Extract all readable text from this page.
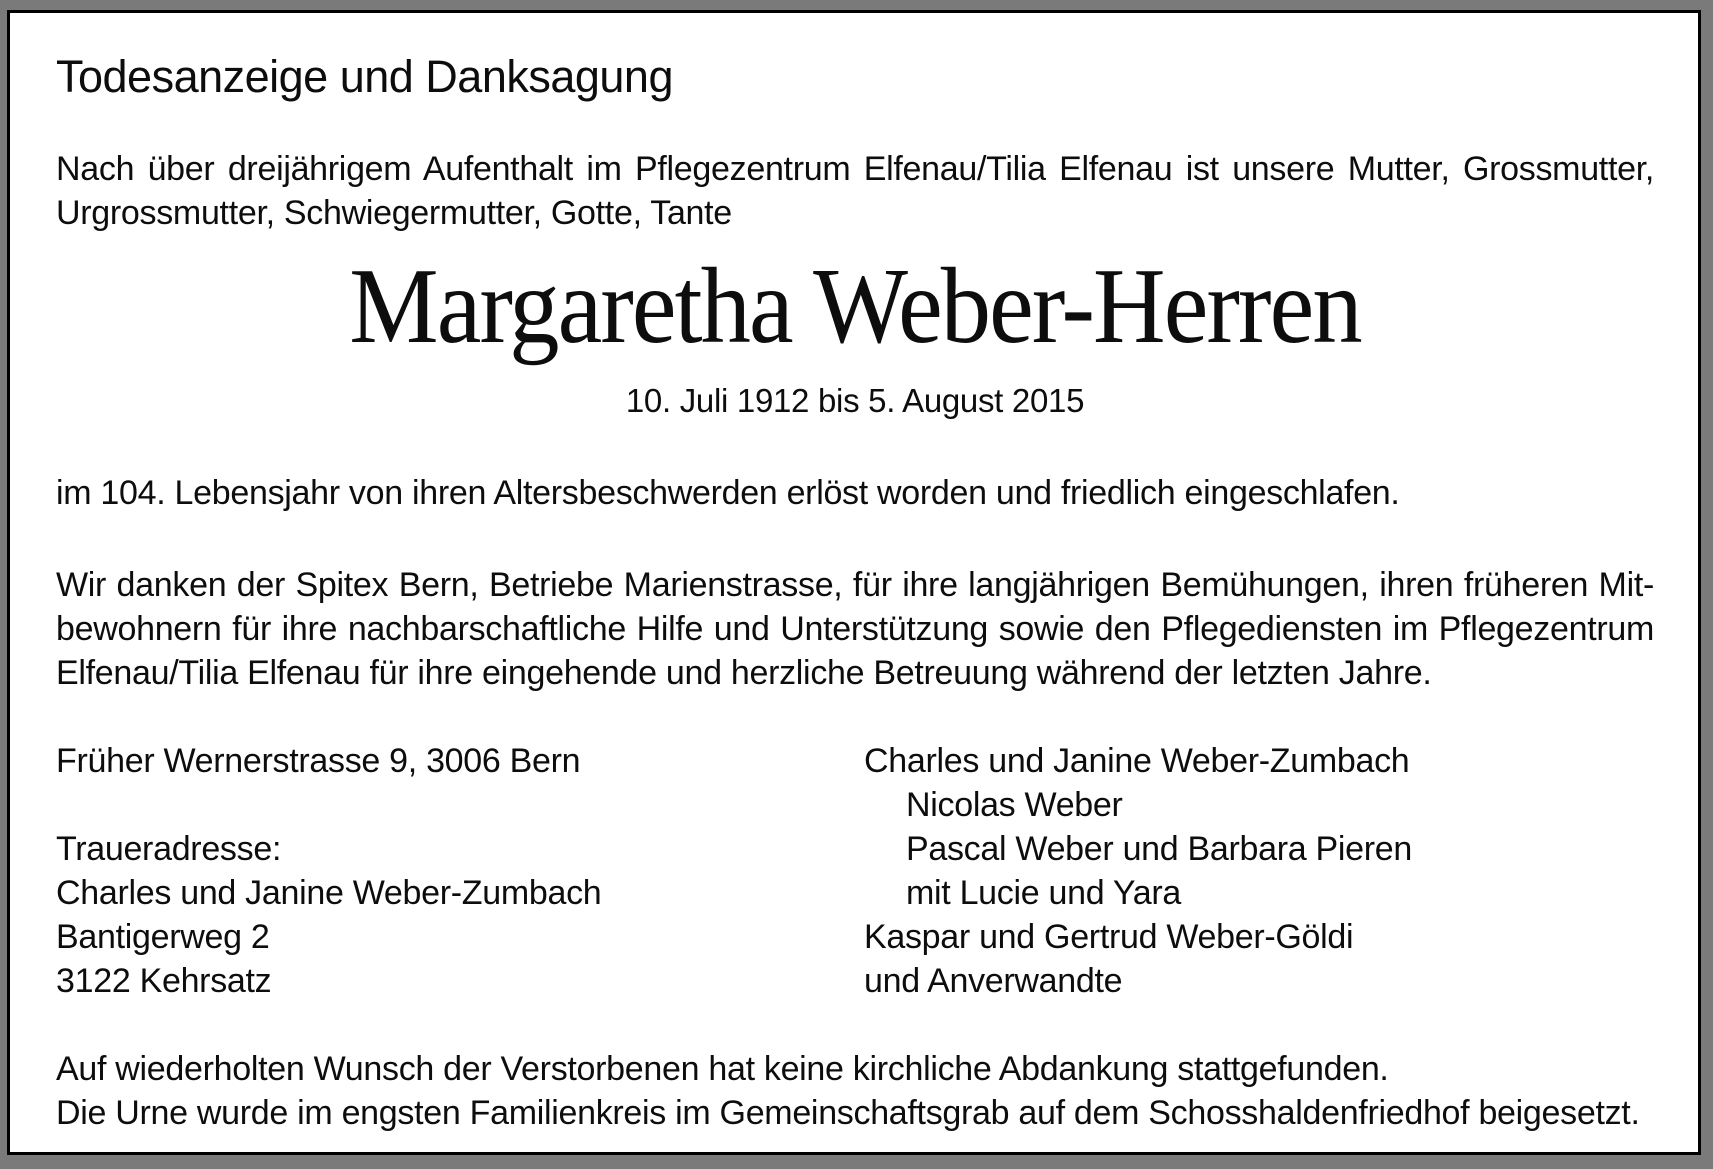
Todesanzeige und Danksagung
Nach über dreijährigem Aufenthalt im Pflegezentrum Elfenau/Tilia Elfenau ist unsere Mutter, Grossmutter,
Urgrossmutter, Schwiegermutter, Gotte, Tante
Margaretha Weber-Herren
10. Juli 1912 bis 5. August 2015
im 104. Lebensjahr von ihren Altersbeschwerden erlöst worden und friedlich eingeschlafen.
Wir danken der Spitex Bern, Betriebe Marienstrasse, für ihre langjährigen Bemühungen, ihren früheren Mit-
bewohnern für ihre nachbarschaftliche Hilfe und Unterstützung sowie den Pflegediensten im Pflegezentrum
Elfenau/Tilia Elfenau für ihre eingehende und herzliche Betreuung während der letzten Jahre.
Früher Wernerstrasse 9, 3006 Bern

Traueradresse:
Charles und Janine Weber-Zumbach
Bantigerweg 2
3122 Kehrsatz
Charles und Janine Weber-Zumbach
Nicolas Weber
Pascal Weber und Barbara Pieren
mit Lucie und Yara
Kaspar und Gertrud Weber-Göldi
und Anverwandte
Auf wiederholten Wunsch der Verstorbenen hat keine kirchliche Abdankung stattgefunden.
Die Urne wurde im engsten Familienkreis im Gemeinschaftsgrab auf dem Schosshaldenfriedhof beigesetzt.
